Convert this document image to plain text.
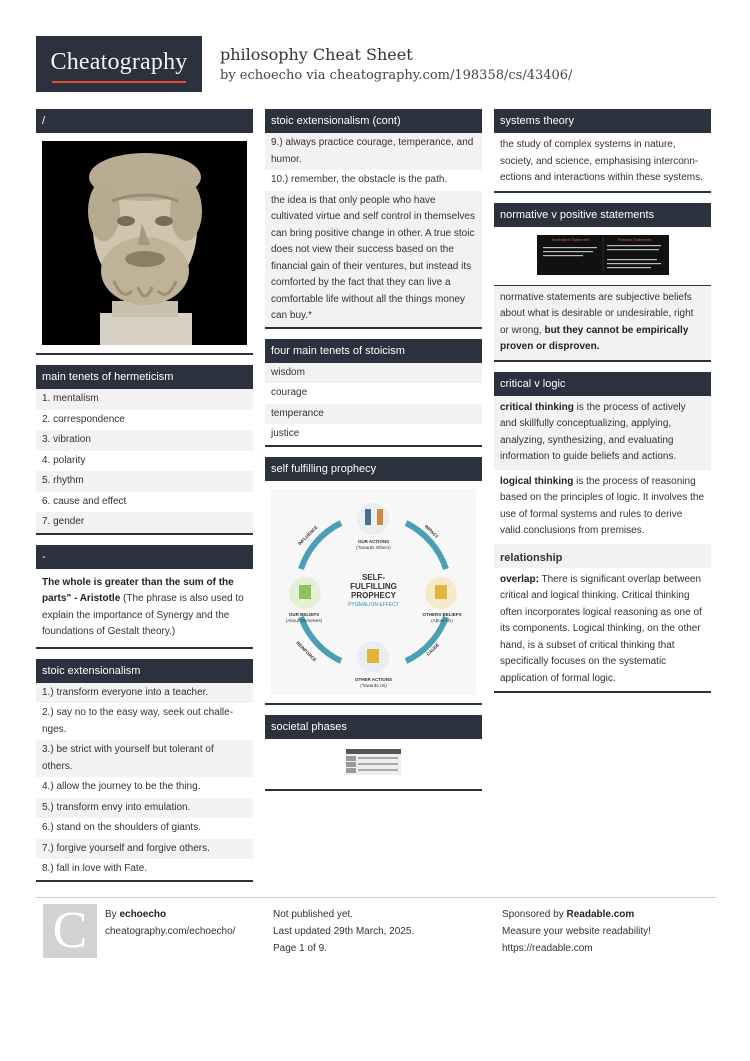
Cheatography	philosophy Cheat Sheet
by echoecho via cheatography.com/198358/cs/43406/
/
main tenets of hermeticism
1. mentalism
2. correspondence
3. vibration
4. polarity
5. rhythm
6. cause and effect
7. gender
-
The whole is greater than the sum of the parts" - Aristotle (The phrase is also used to explain the importance of Synergy and the foundations of Gestalt theory.)
stoic extensionalism
1.) transform everyone into a teacher.
2.) say no to the easy way, seek out challenges.
3.) be strict with yourself but tolerant of others.
4.) allow the journey to be the thing.
5.) transform envy into emulation.
6.) stand on the shoulders of giants.
7.) forgive yourself and forgive others.
8.) fall in love with Fate.
stoic extensionalism (cont)
9.) always practice courage, temperance, and humor.
10.) remember, the obstacle is the path.
the idea is that only people who have cultivated virtue and self control in themselves can bring positive change in other. A true stoic does not view their success based on the financial gain of their ventures, but instead its comforted by the fact that they can live a comfortable life without all the things money can buy.*
four main tenets of stoicism
wisdom
courage
temperance
justice
self fulfilling prophecy
SELF-
FULFILLING
PROPHECY
PYGMALION EFFECT
OUR ACTIONS
(Towards Others)
OTHERS BELIEFS
(About Us)
OTHER ACTIONS
(Towards Us)
OUR BELIEFS
(About Ourselves)
INFLUENCE	IMPACT
CAUSE
REINFORCE
societal phases
systems theory
the study of complex systems in nature, society, and science, emphasising interconnections and interactions within these systems.
normative v positive statements
Normative Statement	Positive Statement
normative statements are subjective beliefs about what is desirable or undesirable, right or wrong, but they cannot be empirically proven or disproven.
critical v logic
critical thinking is the process of actively and skillfully conceptualizing, applying, analyzing, synthesizing, and evaluating information to guide beliefs and actions.
logical thinking is the process of reasoning based on the principles of logic. It involves the use of formal systems and rules to derive valid conclusions from premises.
relationship
overlap: There is significant overlap between critical and logical thinking. Critical thinking often incorporates logical reasoning as one of its components. Logical thinking, on the other hand, is a subset of critical thinking that specifically focuses on the systematic application of formal logic.
C	By echoecho
cheatography.com/echoecho/
Not published yet.
Last updated 29th March, 2025.
Page 1 of 9.
Sponsored by Readable.com
Measure your website readability!
https://readable.com
